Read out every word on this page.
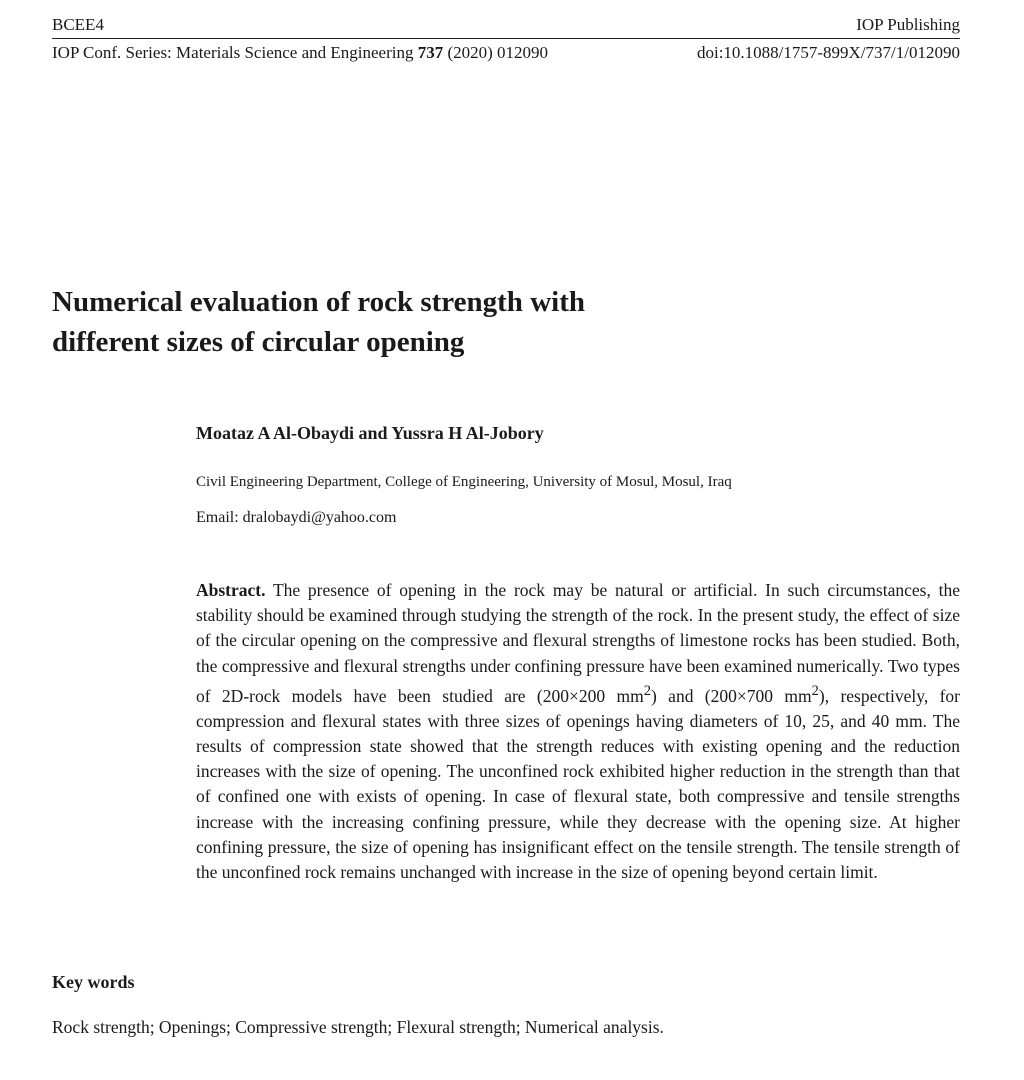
BCEE4	IOP Publishing
IOP Conf. Series: Materials Science and Engineering 737 (2020) 012090	doi:10.1088/1757-899X/737/1/012090
Numerical evaluation of rock strength with
different sizes of circular opening
Moataz A Al-Obaydi and Yussra H Al-Jobory
Civil Engineering Department, College of Engineering, University of Mosul, Mosul, Iraq
Email: dralobaydi@yahoo.com

Abstract. The presence of opening in the rock may be natural or artificial. In such circumstances, the stability should be examined through studying the strength of the rock. In the present study, the effect of size of the circular opening on the compressive and flexural strengths of limestone rocks has been studied. Both, the compressive and flexural strengths under confining pressure have been examined numerically. Two types of 2D-rock models have been studied are (200×200 $mm^2$) and (200×700 $mm^2$), respectively, for compression and flexural states with three sizes of openings having diameters of 10, 25, and 40 mm. The results of compression state showed that the strength reduces with existing opening and the reduction increases with the size of opening. The unconfined rock exhibited higher reduction in the strength than that of confined one with exists of opening. In case of flexural state, both compressive and tensile strengths increase with the increasing confining pressure, while they decrease with the opening size. At higher confining pressure, the size of opening has insignificant effect on the tensile strength. The tensile strength of the unconfined rock remains unchanged with increase in the size of opening beyond certain limit.

Key words
Rock strength; Openings; Compressive strength; Flexural strength; Numerical analysis.
